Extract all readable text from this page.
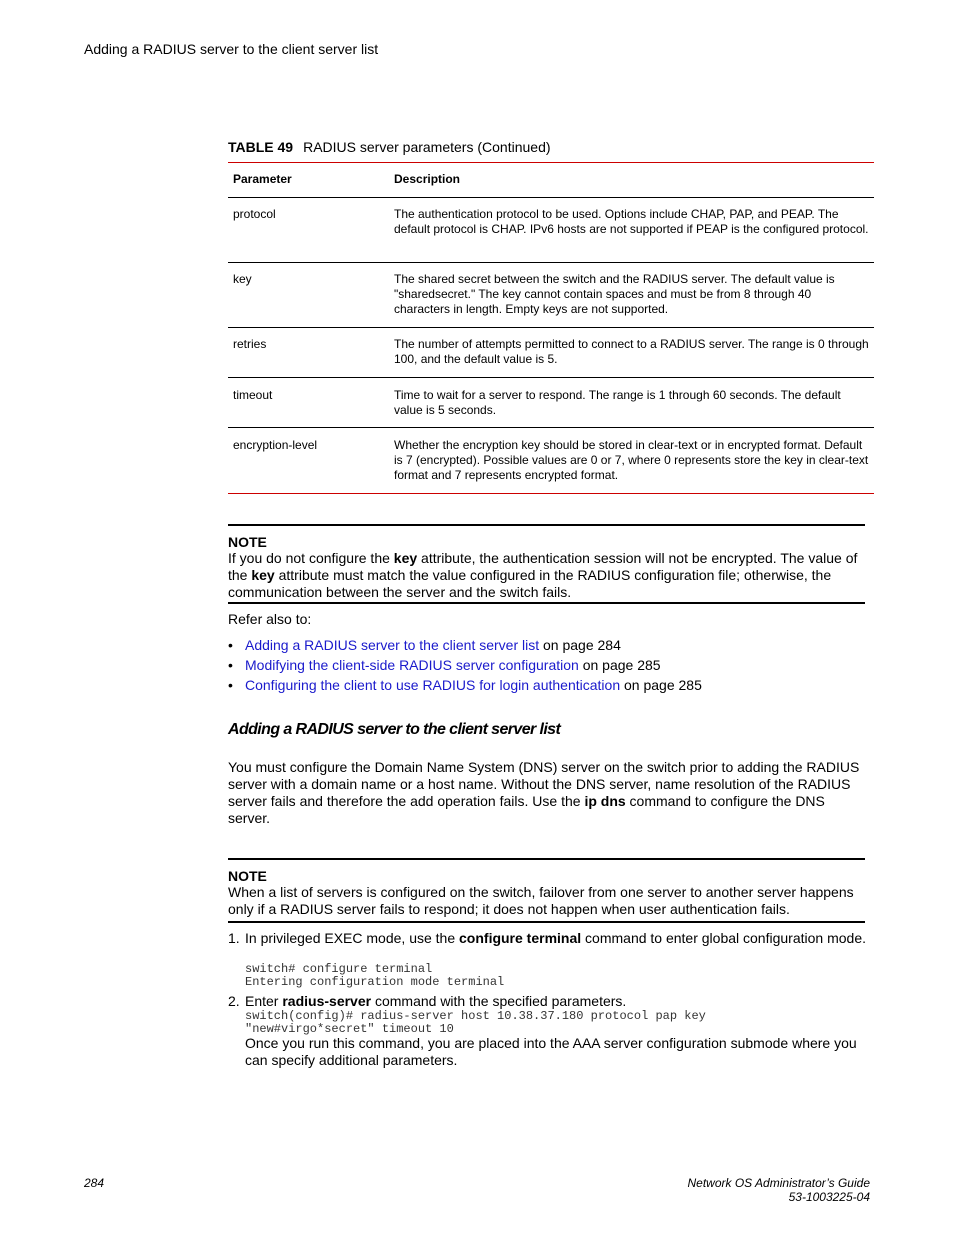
Adding a RADIUS server to the client server list
TABLE 49 RADIUS server parameters (Continued)
Parameter	Description
protocol	The authentication protocol to be used. Options include CHAP, PAP, and PEAP. The default protocol is CHAP. IPv6 hosts are not supported if PEAP is the configured protocol.
key	The shared secret between the switch and the RADIUS server. The default value is "sharedsecret." The key cannot contain spaces and must be from 8 through 40 characters in length. Empty keys are not supported.
retries	The number of attempts permitted to connect to a RADIUS server. The range is 0 through 100, and the default value is 5.
timeout	Time to wait for a server to respond. The range is 1 through 60 seconds. The default value is 5 seconds.
encryption-level	Whether the encryption key should be stored in clear-text or in encrypted format. Default is 7 (encrypted). Possible values are 0 or 7, where 0 represents store the key in clear-text format and 7 represents encrypted format.
NOTE
If you do not configure the key attribute, the authentication session will not be encrypted. The value of the key attribute must match the value configured in the RADIUS configuration file; otherwise, the communication between the server and the switch fails.
Refer also to:
• Adding a RADIUS server to the client server list on page 284
• Modifying the client-side RADIUS server configuration on page 285
• Configuring the client to use RADIUS for login authentication on page 285
Adding a RADIUS server to the client server list
You must configure the Domain Name System (DNS) server on the switch prior to adding the RADIUS server with a domain name or a host name. Without the DNS server, name resolution of the RADIUS server fails and therefore the add operation fails. Use the ip dns command to configure the DNS server.
NOTE
When a list of servers is configured on the switch, failover from one server to another server happens only if a RADIUS server fails to respond; it does not happen when user authentication fails.
1. In privileged EXEC mode, use the configure terminal command to enter global configuration mode.
switch# configure terminal
Entering configuration mode terminal
2. Enter radius-server command with the specified parameters.
switch(config)# radius-server host 10.38.37.180 protocol pap key
"new#virgo*secret" timeout 10
Once you run this command, you are placed into the AAA server configuration submode where you can specify additional parameters.
284	Network OS Administrator’s Guide
53-1003225-04
